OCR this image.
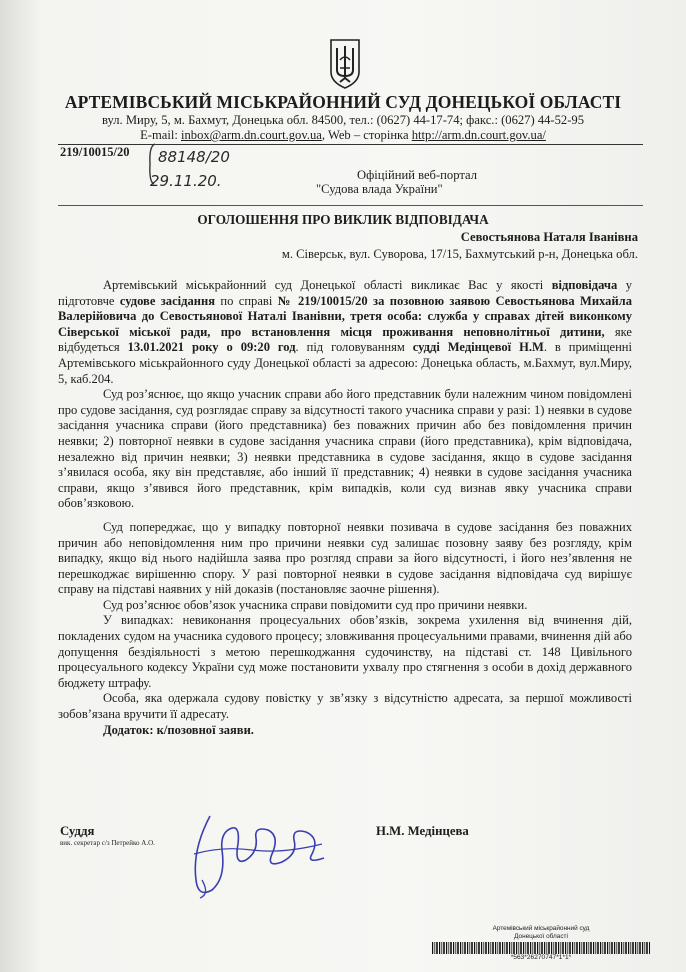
АРТЕМІВСЬКИЙ МІСЬКРАЙОННИЙ СУД ДОНЕЦЬКОЇ ОБЛАСТІ
вул. Миру, 5, м. Бахмут, Донецька обл. 84500, тел.: (0627) 44-17-74; факс.: (0627) 44-52-95
E-mail: inbox@arm.dn.court.gov.ua, Web – сторінка http://arm.dn.court.gov.ua/
219/10015/20 88148/20
29.11.20.	Офіційний веб-портал
"Судова влада України"
ОГОЛОШЕННЯ ПРО ВИКЛИК ВІДПОВІДАЧА
Севостьянова Наталя Іванівна
м. Сіверськ, вул. Суворова, 17/15, Бахмутський р-н, Донецька обл.

Артемівський міськрайонний суд Донецької області викликає Вас у якості відповідача у підготовче судове засідання по справі № 219/10015/20 за позовною заявою Севостьянова Михайла Валерійовича до Севостьянової Наталі Іванівни, третя особа: служба у справах дітей виконкому Сіверської міської ради, про встановлення місця проживання неповнолітньої дитини, яке відбудеться 13.01.2021 року о 09:20 год. під головуванням судді Медінцевої Н.М. в приміщенні Артемівського міськрайонного суду Донецької області за адресою: Донецька область, м.Бахмут, вул.Миру, 5, каб.204.

Суд роз’яснює, що якщо учасник справи або його представник були належним чином повідомлені про судове засідання, суд розглядає справу за відсутності такого учасника справи у разі: 1) неявки в судове засідання учасника справи (його представника) без поважних причин або без повідомлення причин неявки; 2) повторної неявки в судове засідання учасника справи (його представника), крім відповідача, незалежно від причин неявки; 3) неявки представника в судове засідання, якщо в судове засідання з’явилася особа, яку він представляє, або інший її представник; 4) неявки в судове засідання учасника справи, якщо з’явився його представник, крім випадків, коли суд визнав явку учасника справи обов’язковою.

Суд попереджає, що у випадку повторної неявки позивача в судове засідання без поважних причин або неповідомлення ним про причини неявки суд залишає позовну заяву без розгляду, крім випадку, якщо від нього надійшла заява про розгляд справи за його відсутності, і його нез’явлення не перешкоджає вирішенню спору. У разі повторної неявки в судове засідання відповідача суд вирішує справу на підставі наявних у ній доказів (постановляє заочне рішення).

Суд роз’яснює обов’язок учасника справи повідомити суд про причини неявки.

У випадках: невиконання процесуальних обов’язків, зокрема ухилення від вчинення дій, покладених судом на учасника судового процесу; зловживання процесуальними правами, вчинення дій або допущення бездіяльності з метою перешкоджання судочинству, на підставі ст. 148 Цивільного процесуального кодексу України суд може постановити ухвалу про стягнення з особи в дохід державного бюджету штрафу.

Особа, яка одержала судову повістку у зв’язку з відсутністю адресата, за першої можливості зобов’язана вручити її адресату.

Додаток: к/позовної заяви.

Суддя
вик. секретар с/з Петрейко А.О.
Н.М. Медінцева
Артемівський міськрайонний суд
Донецької області
*563*26270747*1*1*
